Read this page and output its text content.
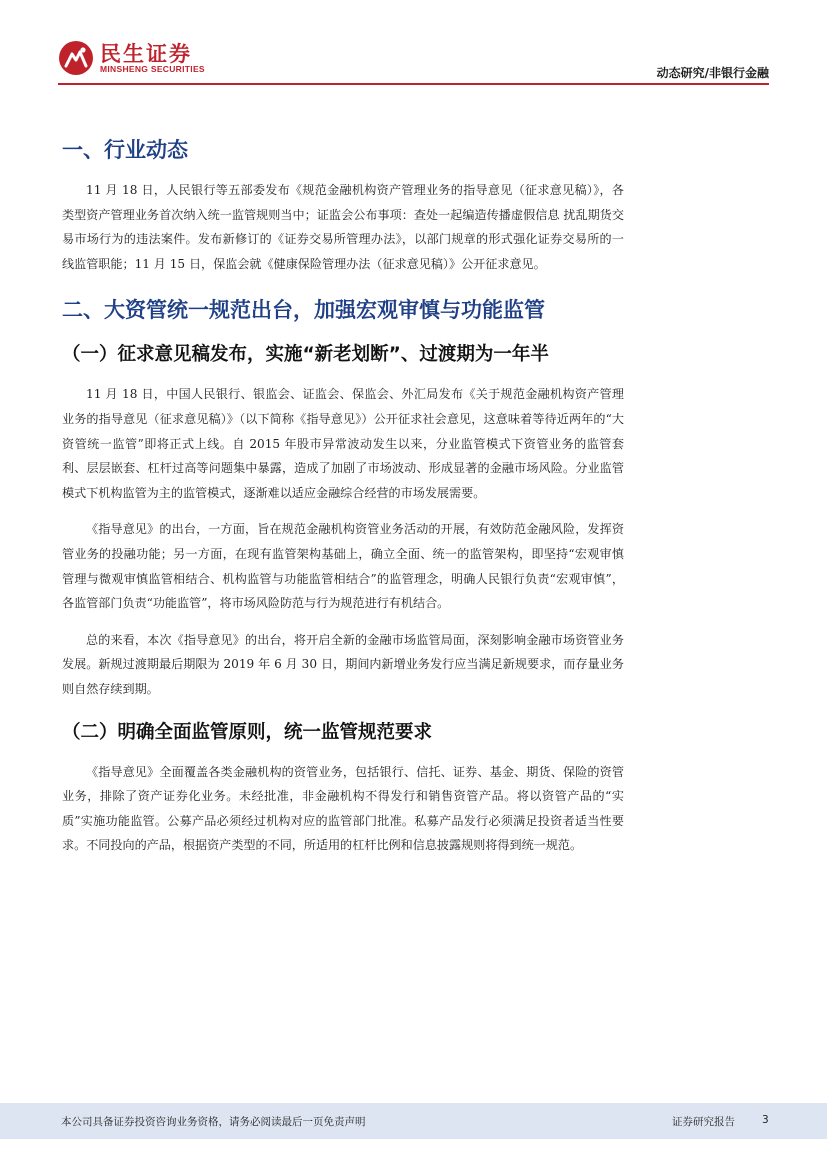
民生证券
MINSHENG SECURITIES	动态研究/非银行金融
一、行业动态

11 月 18 日，人民银行等五部委发布《规范金融机构资产管理业务的指导意见（征求意见稿）》，各类型资产管理业务首次纳入统一监管规则当中；证监会公布事项：查处一起编造传播虚假信息 扰乱期货交易市场行为的违法案件。发布新修订的《证券交易所管理办法》，以部门规章的形式强化证券交易所的一线监管职能；11 月 15 日，保监会就《健康保险管理办法（征求意见稿）》公开征求意见。

二、大资管统一规范出台，加强宏观审慎与功能监管
（一）征求意见稿发布，实施“新老划断”、过渡期为一年半

11 月 18 日，中国人民银行、银监会、证监会、保监会、外汇局发布《关于规范金融机构资产管理业务的指导意见（征求意见稿）》（以下简称《指导意见》）公开征求社会意见，这意味着等待近两年的“大资管统一监管”即将正式上线。自 2015 年股市异常波动发生以来，分业监管模式下资管业务的监管套利、层层嵌套、杠杆过高等问题集中暴露，造成了加剧了市场波动、形成显著的金融市场风险。分业监管模式下机构监管为主的监管模式，逐渐难以适应金融综合经营的市场发展需要。

《指导意见》的出台，一方面，旨在规范金融机构资管业务活动的开展，有效防范金融风险，发挥资管业务的投融功能；另一方面，在现有监管架构基础上，确立全面、统一的监管架构，即坚持“宏观审慎管理与微观审慎监管相结合、机构监管与功能监管相结合”的监管理念，明确人民银行负责“宏观审慎”，各监管部门负责“功能监管”，将市场风险防范与行为规范进行有机结合。

总的来看，本次《指导意见》的出台，将开启全新的金融市场监管局面，深刻影响金融市场资管业务发展。新规过渡期最后期限为 2019 年 6 月 30 日，期间内新增业务发行应当满足新规要求，而存量业务则自然存续到期。

（二）明确全面监管原则，统一监管规范要求

《指导意见》全面覆盖各类金融机构的资管业务，包括银行、信托、证券、基金、期货、保险的资管业务，排除了资产证券化业务。未经批准，非金融机构不得发行和销售资管产品。将以资管产品的“实质”实施功能监管。公募产品必须经过机构对应的监管部门批准。私募产品发行必须满足投资者适当性要求。不同投向的产品，根据资产类型的不同，所适用的杠杆比例和信息披露规则将得到统一规范。

本公司具备证券投资咨询业务资格，请务必阅读最后一页免责声明	证券研究报告	3
